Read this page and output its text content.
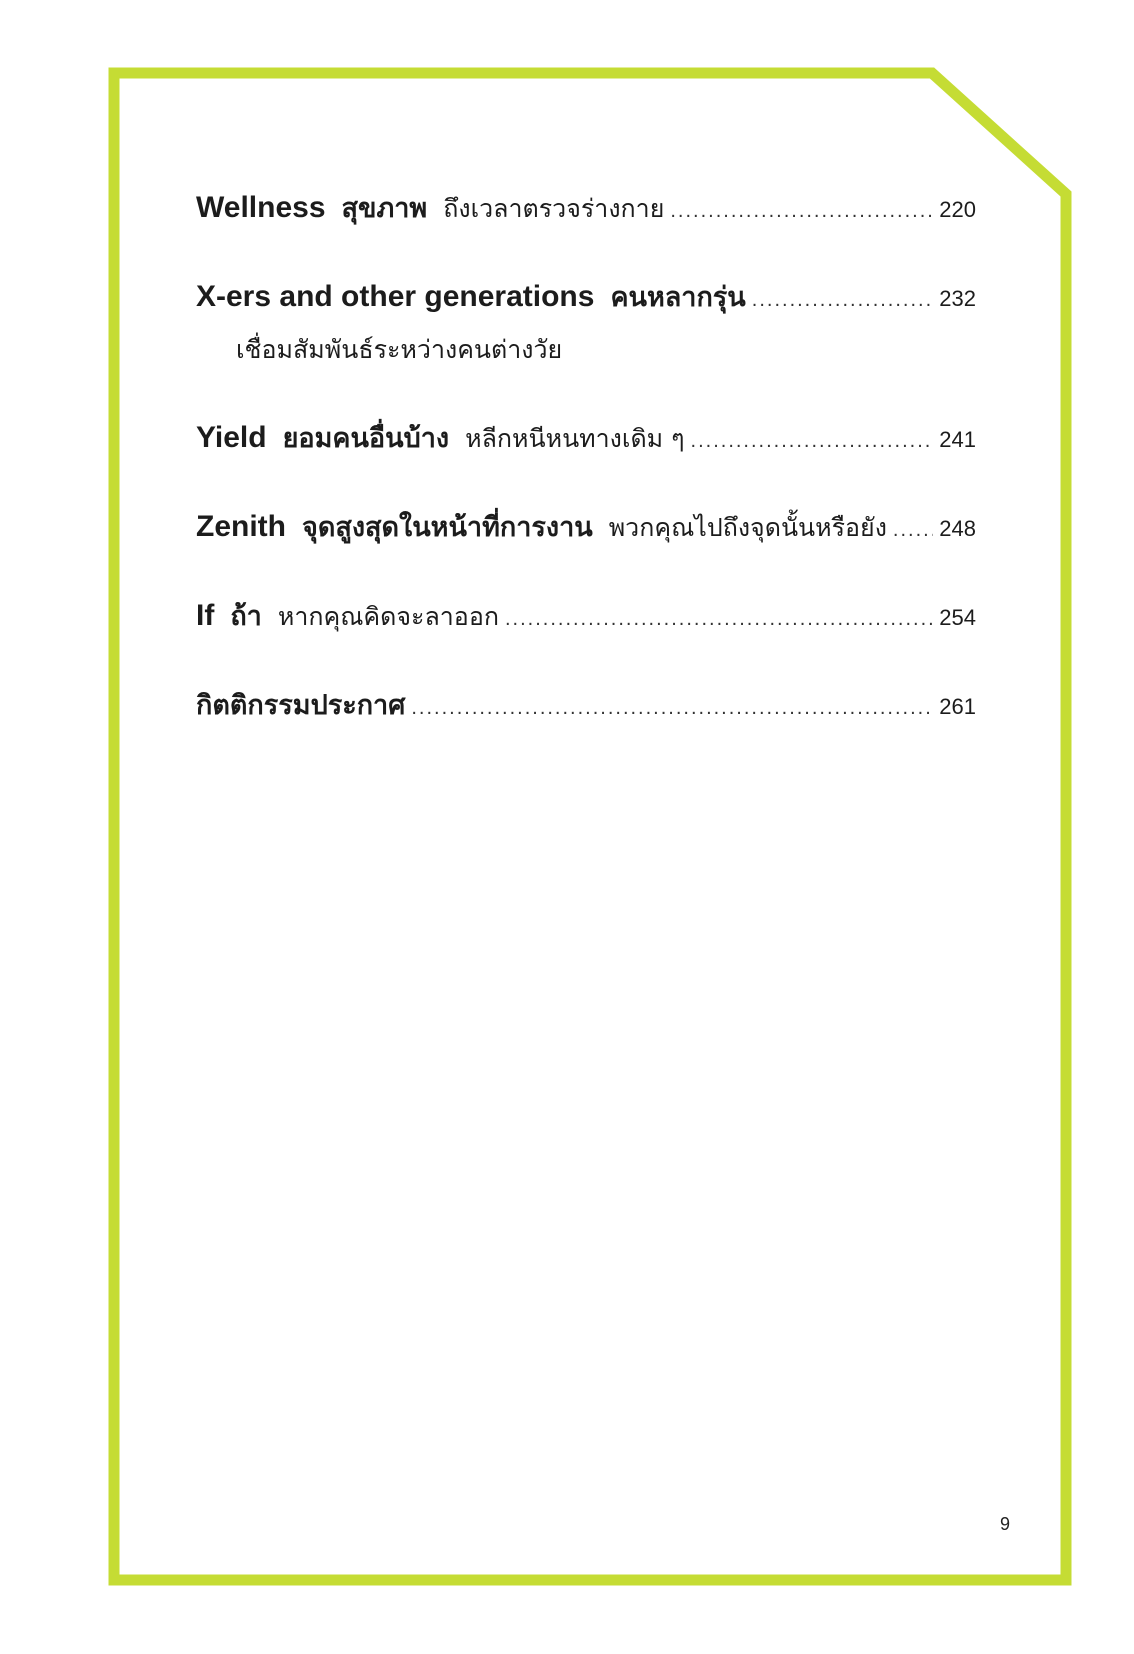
Wellness สุขภาพ ถึงเวลาตรวจร่างกาย .....	220
X-ers and other generations คนหลากรุ่น .....	232
เชื่อมสัมพันธ์ระหว่างคนต่างวัย
Yield ยอมคนอื่นบ้าง หลีกหนีหนทางเดิม ๆ .....	241
Zenith จุดสูงสุดในหน้าที่การงาน พวกคุณไปถึงจุดนั้นหรือยัง ..... 248
If ถ้า หากคุณคิดจะลาออก .....	254
กิตติกรรมประกาศ .....	261
9
